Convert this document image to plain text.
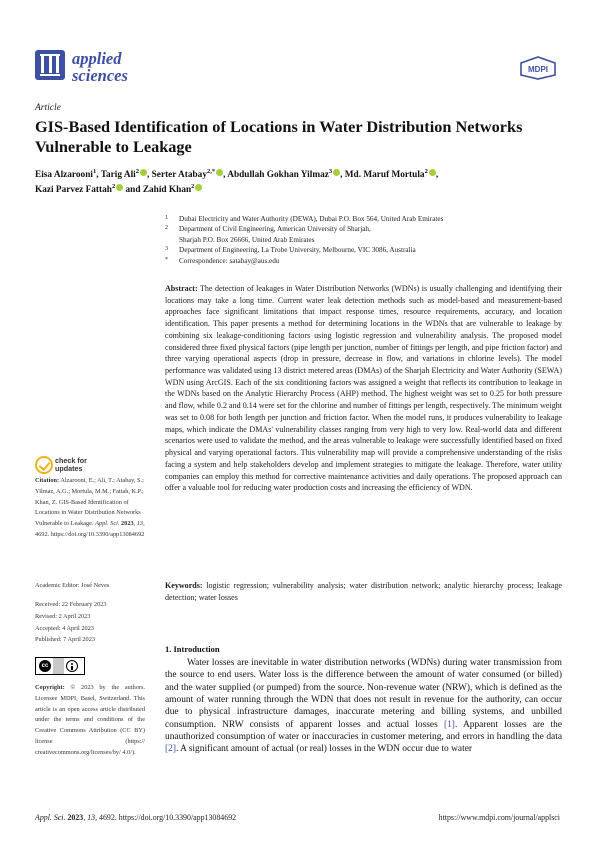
applied
sciences	MDPI
Article
GIS-Based Identification of Locations in Water Distribution Networks Vulnerable to Leakage
Eisa Alzarooni$^1$, Tarig Ali$^2$ , Serter Atabay$^{2,*}$ , Abdullah Gokhan Yilmaz$^3$ , Md. Maruf Mortula$^2$ ,
Kazi Parvez Fattah$^2$ and Zahid Khan$^2$
1 Dubai Electricity and Water Authority (DEWA), Dubai P.O. Box 564, United Arab Emirates
2 Department of Civil Engineering, American University of Sharjah,
Sharjah P.O. Box 26666, United Arab Emirates
3 Department of Engineering, La Trobe University, Melbourne, VIC 3086, Australia
* Correspondence: satabay@aus.edu
Abstract: The detection of leakages in Water Distribution Networks (WDNs) is usually challenging and identifying their locations may take a long time. Current water leak detection methods such as model-based and measurement-based approaches face significant limitations that impact response times, resource requirements, accuracy, and location identification. This paper presents a method for determining locations in the WDNs that are vulnerable to leakage by combining six leakage-conditioning factors using logistic regression and vulnerability analysis. The proposed model considered three fixed physical factors (pipe length per junction, number of fittings per length, and pipe friction factor) and three varying operational aspects (drop in pressure, decrease in flow, and variations in chlorine levels). The model performance was validated using 13 district metered areas (DMAs) of the Sharjah Electricity and Water Authority (SEWA) WDN using ArcGIS. Each of the six conditioning factors was assigned a weight that reflects its contribution to leakage in the WDNs based on the Analytic Hierarchy Process (AHP) method. The highest weight was set to 0.25 for both pressure and flow, while 0.2 and 0.14 were set for the chlorine and number of fittings per length, respectively. The minimum weight was set to 0.08 for both length per junction and friction factor. When the model runs, it produces vulnerability to leakage maps, which indicate the DMAs' vulnerability classes ranging from very high to very low. Real-world data and different scenarios were used to validate the method, and the areas vulnerable to leakage were successfully identified based on fixed physical and varying operational factors. This vulnerability map will provide a comprehensive understanding of the risks facing a system and help stakeholders develop and implement strategies to mitigate the leakage. Therefore, water utility companies can employ this method for corrective maintenance activities and daily operations. The proposed approach can offer a valuable tool for reducing water production costs and increasing the efficiency of WDN.
Keywords: logistic regression; vulnerability analysis; water distribution network; analytic hierarchy process; leakage detection; water losses
1. Introduction
Water losses are inevitable in water distribution networks (WDNs) during water transmission from the source to end users. Water loss is the difference between the amount of water consumed (or billed) and the water supplied (or pumped) from the source. Non-revenue water (NRW), which is defined as the amount of water running through the WDN that does not result in revenue for the authority, can occur due to physical infrastructure damages, inaccurate metering and billing systems, and unbilled consumption. NRW consists of apparent losses and actual losses [1]. Apparent losses are the unauthorized consumption of water or inaccuracies in customer metering, and errors in handling the data [2]. A significant amount of actual (or real) losses in the WDN occur due to water
check for
updates
Citation: Alzarooni, E.; Ali, T.; Atabay, S.; Yilmaz, A.G.; Mortula, M.M.; Fattah, K.P.; Khan, Z. GIS-Based Identification of Locations in Water Distribution Networks Vulnerable to Leakage. Appl. Sci. 2023, 13, 4692. https://doi.org/10.3390/app13084692
Academic Editor: José Neves
Received: 22 February 2023
Revised: 2 April 2023
Accepted: 4 April 2023
Published: 7 April 2023
cc
Copyright: © 2023 by the authors. Licensee MDPI, Basel, Switzerland. This article is an open access article distributed under the terms and conditions of the Creative Commons Attribution (CC BY) license (https:// creativecommons.org/licenses/by/ 4.0/).
Appl. Sci. 2023, 13, 4692. https://doi.org/10.3390/app13084692	https://www.mdpi.com/journal/applsci
